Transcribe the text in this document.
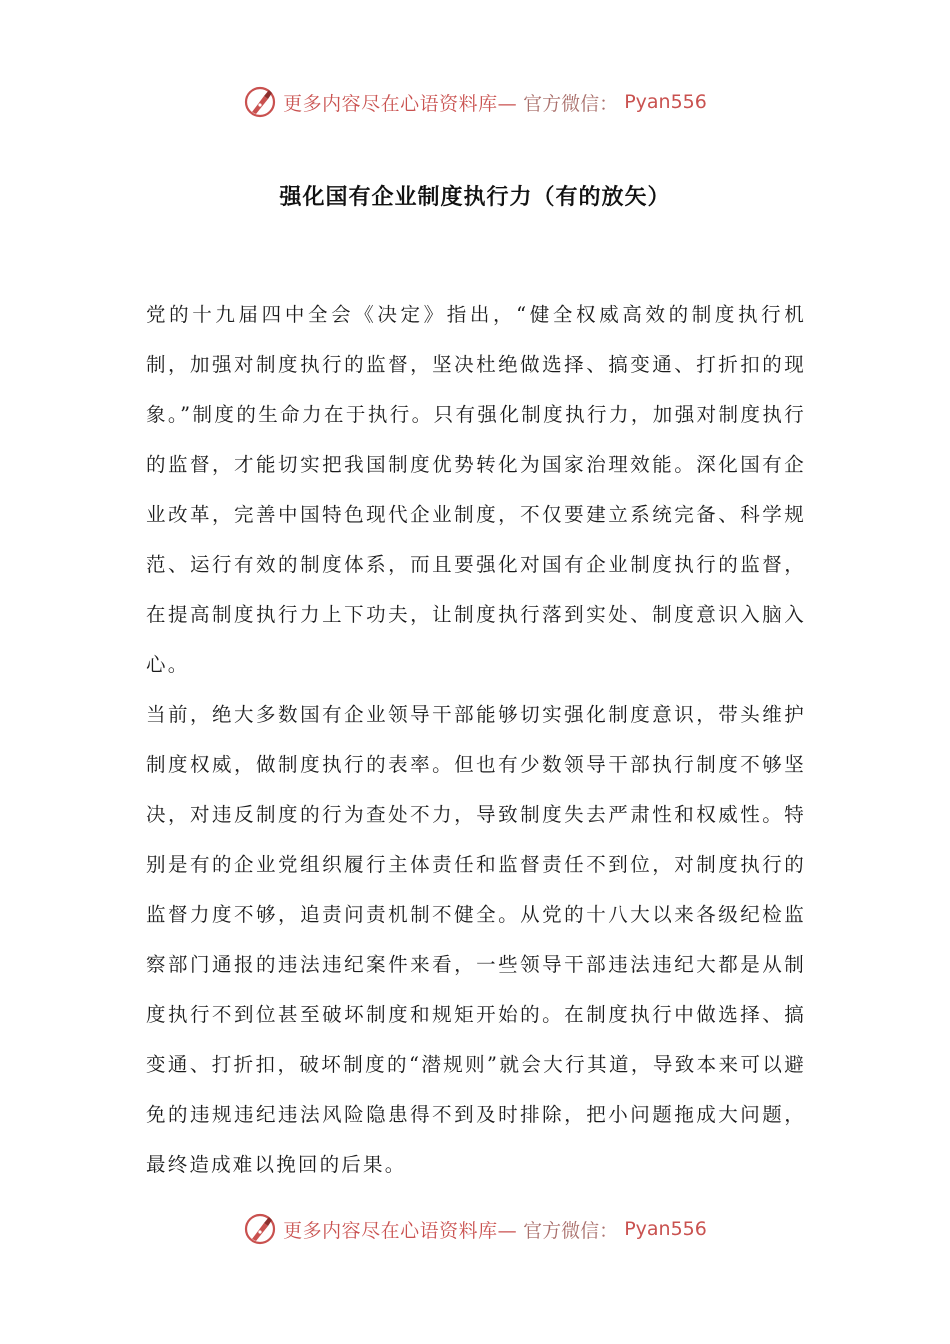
更多内容尽在心语资料库— 官方微信： Pyan556
强化国有企业制度执行力（有的放矢）

党的十九届四中全会《决定》指出，“健全权威高效的制度执行机制，加强对制度执行的监督，坚决杜绝做选择、搞变通、打折扣的现象。”制度的生命力在于执行。只有强化制度执行力，加强对制度执行的监督，才能切实把我国制度优势转化为国家治理效能。深化国有企业改革，完善中国特色现代企业制度，不仅要建立系统完备、科学规范、运行有效的制度体系，而且要强化对国有企业制度执行的监督，在提高制度执行力上下功夫，让制度执行落到实处、制度意识入脑入心。

当前，绝大多数国有企业领导干部能够切实强化制度意识，带头维护制度权威，做制度执行的表率。但也有少数领导干部执行制度不够坚决，对违反制度的行为查处不力，导致制度失去严肃性和权威性。特别是有的企业党组织履行主体责任和监督责任不到位，对制度执行的监督力度不够，追责问责机制不健全。从党的十八大以来各级纪检监察部门通报的违法违纪案件来看，一些领导干部违法违纪大都是从制度执行不到位甚至破坏制度和规矩开始的。在制度执行中做选择、搞变通、打折扣，破坏制度的“潜规则”就会大行其道，导致本来可以避免的违规违纪违法风险隐患得不到及时排除，把小问题拖成大问题，最终造成难以挽回的后果。

更多内容尽在心语资料库— 官方微信： Pyan556
